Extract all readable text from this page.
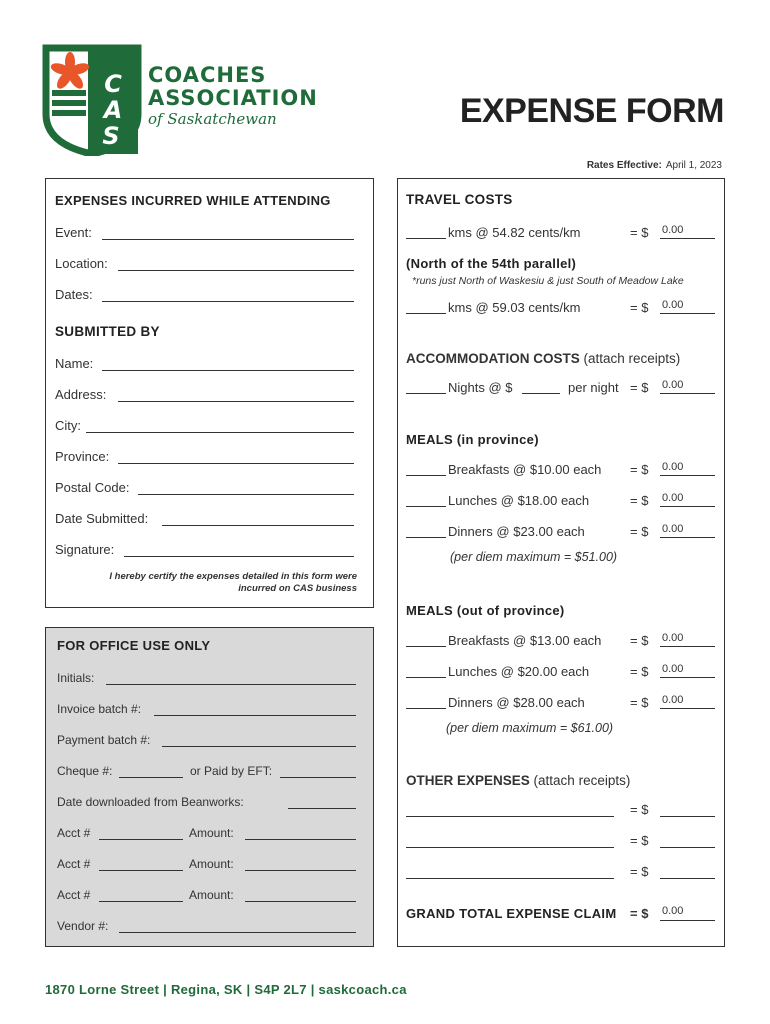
C
A
S
COACHES
ASSOCIATION
of Saskatchewan	EXPENSE FORM
Rates Effective: April 1, 2023
EXPENSES INCURRED WHILE ATTENDING
Event:
Location:
Dates:
SUBMITTED BY
Name:
Address:
City:
Province:
Postal Code:
Date Submitted:
Signature:
I hereby certify the expenses detailed in this form were incurred on CAS business
FOR OFFICE USE ONLY
Initials:
Invoice batch #:
Payment batch #:
Cheque #:	or Paid by EFT:
Date downloaded from Beanworks:
Acct #	Amount:
Acct #	Amount:
Acct #	Amount:
Vendor #:
TRAVEL COSTS
kms @ 54.82 cents/km	= $ 0.00
(North of the 54th parallel)
*runs just North of Waskesiu & just South of Meadow Lake
kms @ 59.03 cents/km	= $ 0.00
ACCOMMODATION COSTS (attach receipts)
Nights @ $	per night = $ 0.00
MEALS (in province)
Breakfasts @ $10.00 each = $ 0.00
Lunches @ $18.00 each	= $ 0.00
Dinners @ $23.00 each	= $ 0.00
(per diem maximum = $51.00)
MEALS (out of province)
Breakfasts @ $13.00 each = $ 0.00
Lunches @ $20.00 each	= $ 0.00
Dinners @ $28.00 each	= $ 0.00
(per diem maximum = $61.00)
OTHER EXPENSES (attach receipts)
= $
= $
= $
GRAND TOTAL EXPENSE CLAIM = $ 0.00
1870 Lorne Street | Regina, SK | S4P 2L7 | saskcoach.ca
